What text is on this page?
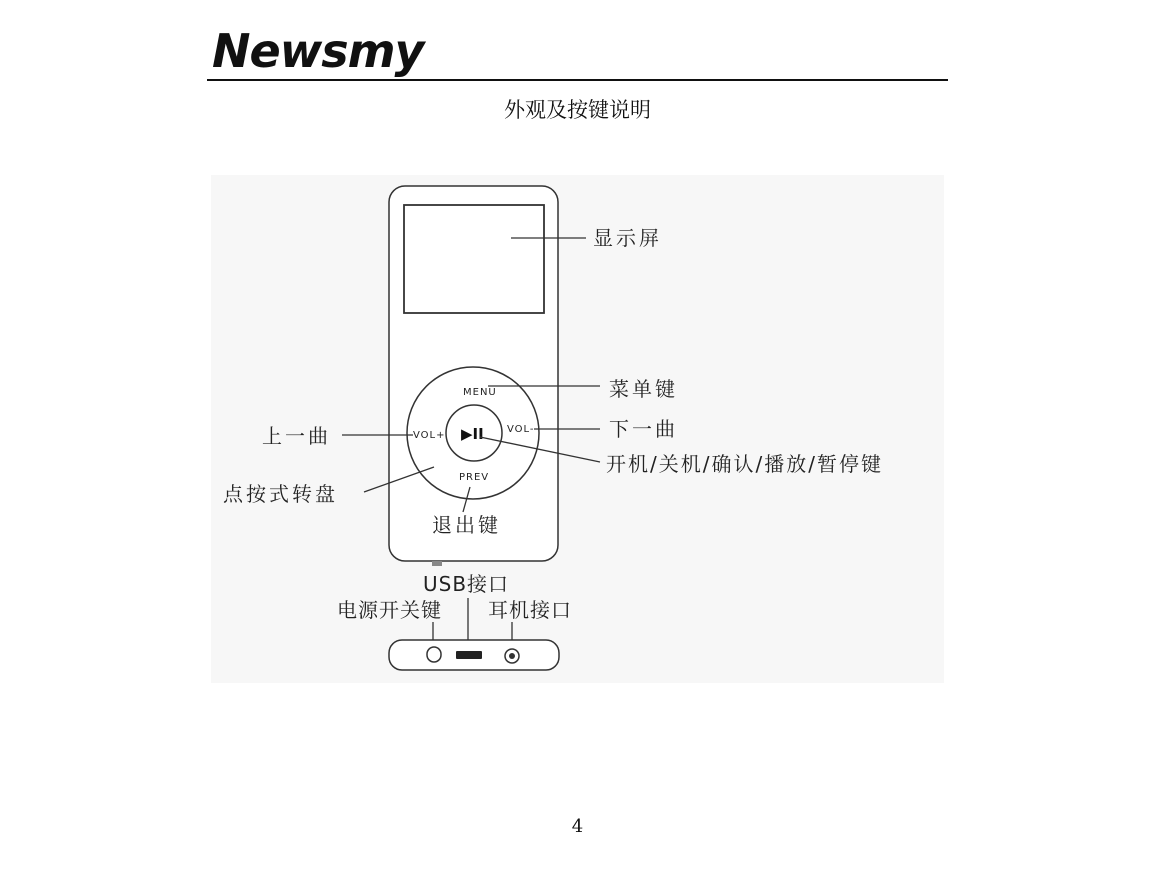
Newsmy
外观及按键说明
MENU
VOL+
VOL-
PREV
▶II
显示屏
菜单键
下一曲
开机/关机/确认/播放/暂停键
上一曲
点按式转盘
退出键
USB接口
电源开关键 耳机接口
4
